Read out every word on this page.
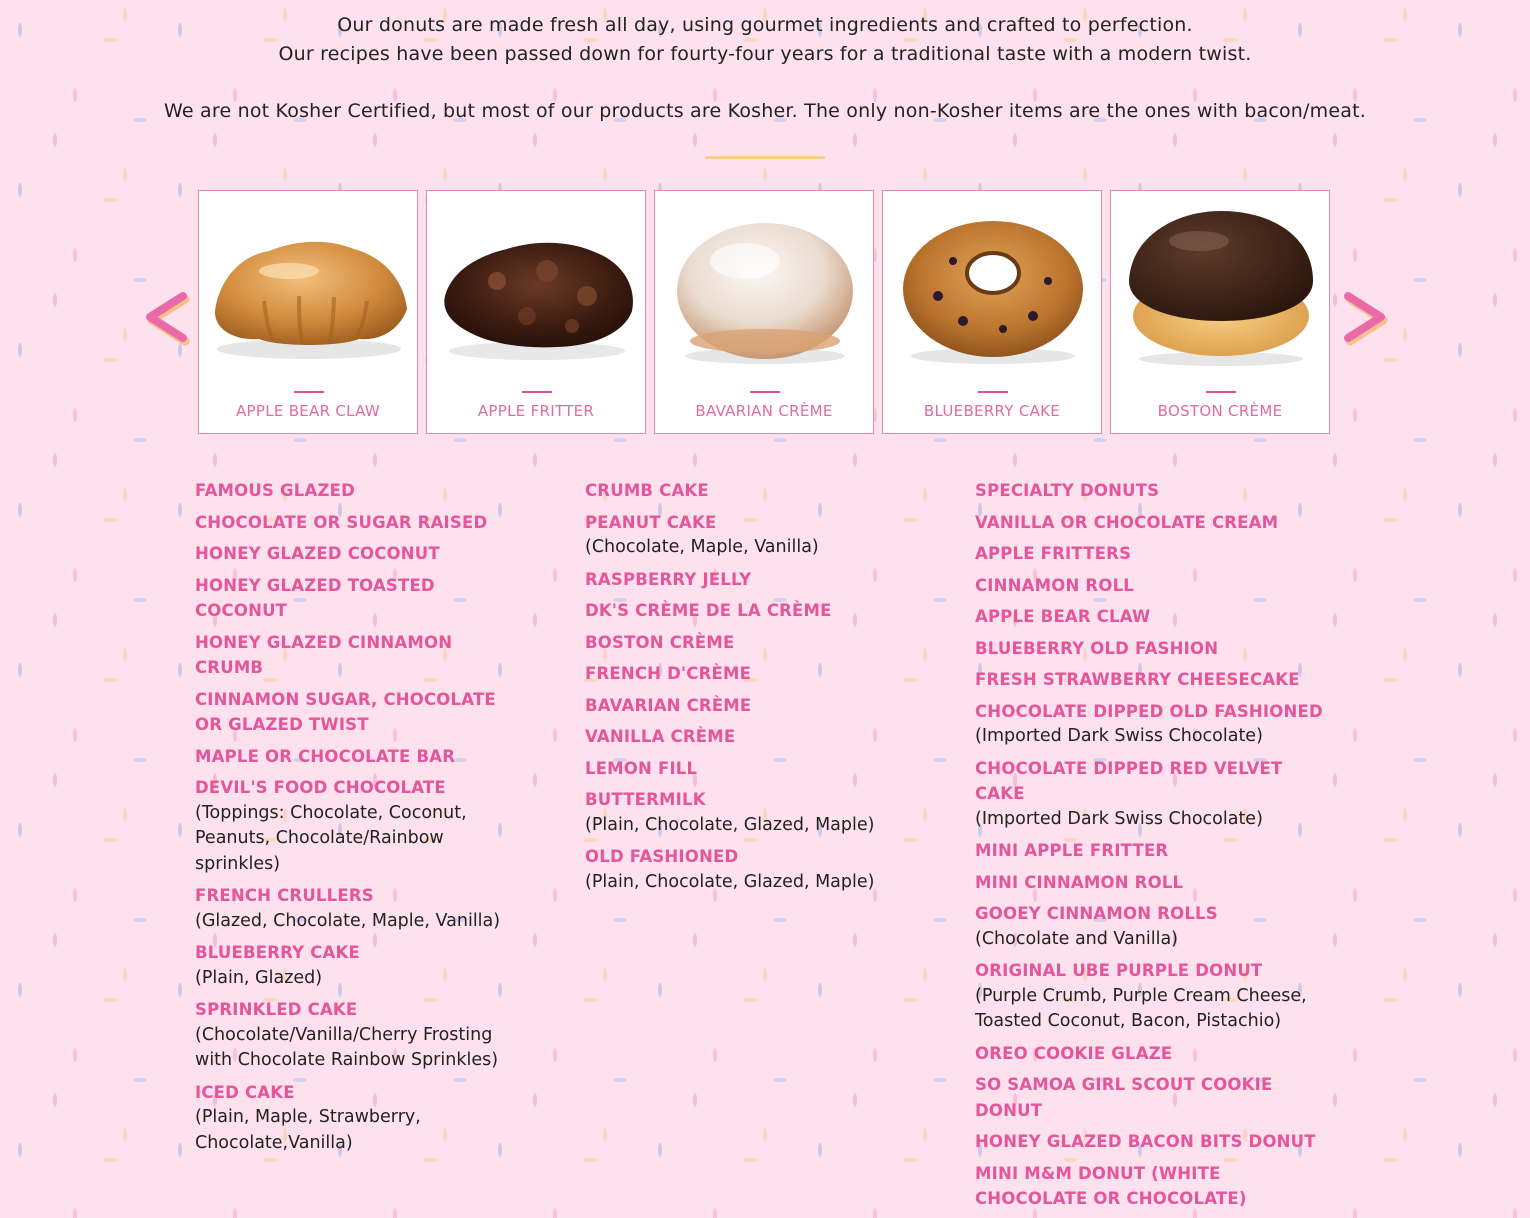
Our donuts are made fresh all day, using gourmet ingredients and crafted to perfection.
Our recipes have been passed down for fourty-four years for a traditional taste with a modern twist.
We are not Kosher Certified, but most of our products are Kosher. The only non-Kosher items are the ones with bacon/meat.
APPLE BEAR CLAW	APPLE FRITTER	BAVARIAN CRÈME	BLUEBERRY CAKE	BOSTON CRÈME
FAMOUS GLAZED
CHOCOLATE OR SUGAR RAISED
HONEY GLAZED COCONUT
HONEY GLAZED TOASTED COCONUT
HONEY GLAZED CINNAMON CRUMB
CINNAMON SUGAR, CHOCOLATE OR GLAZED TWIST
MAPLE OR CHOCOLATE BAR
DEVIL'S FOOD CHOCOLATE
(Toppings: Chocolate, Coconut, Peanuts, Chocolate/Rainbow sprinkles)
FRENCH CRULLERS
(Glazed, Chocolate, Maple, Vanilla)
BLUEBERRY CAKE
(Plain, Glazed)
SPRINKLED CAKE
(Chocolate/Vanilla/Cherry Frosting with Chocolate Rainbow Sprinkles)
ICED CAKE
(Plain, Maple, Strawberry, Chocolate,Vanilla)
CRUMB CAKE
PEANUT CAKE
(Chocolate, Maple, Vanilla)
RASPBERRY JELLY
DK'S CRÈME DE LA CRÈME
BOSTON CRÈME
FRENCH D'CRÈME
BAVARIAN CRÈME
VANILLA CRÈME
LEMON FILL
BUTTERMILK
(Plain, Chocolate, Glazed, Maple)
OLD FASHIONED
(Plain, Chocolate, Glazed, Maple)
SPECIALTY DONUTS
VANILLA OR CHOCOLATE CREAM
APPLE FRITTERS
CINNAMON ROLL
APPLE BEAR CLAW
BLUEBERRY OLD FASHION
FRESH STRAWBERRY CHEESECAKE
CHOCOLATE DIPPED OLD FASHIONED
(Imported Dark Swiss Chocolate)
CHOCOLATE DIPPED RED VELVET CAKE
(Imported Dark Swiss Chocolate)
MINI APPLE FRITTER
MINI CINNAMON ROLL
GOOEY CINNAMON ROLLS
(Chocolate and Vanilla)
ORIGINAL UBE PURPLE DONUT
(Purple Crumb, Purple Cream Cheese, Toasted Coconut, Bacon, Pistachio)
OREO COOKIE GLAZE
SO SAMOA GIRL SCOUT COOKIE DONUT
HONEY GLAZED BACON BITS DONUT
MINI M&M DONUT (WHITE CHOCOLATE OR CHOCOLATE)
